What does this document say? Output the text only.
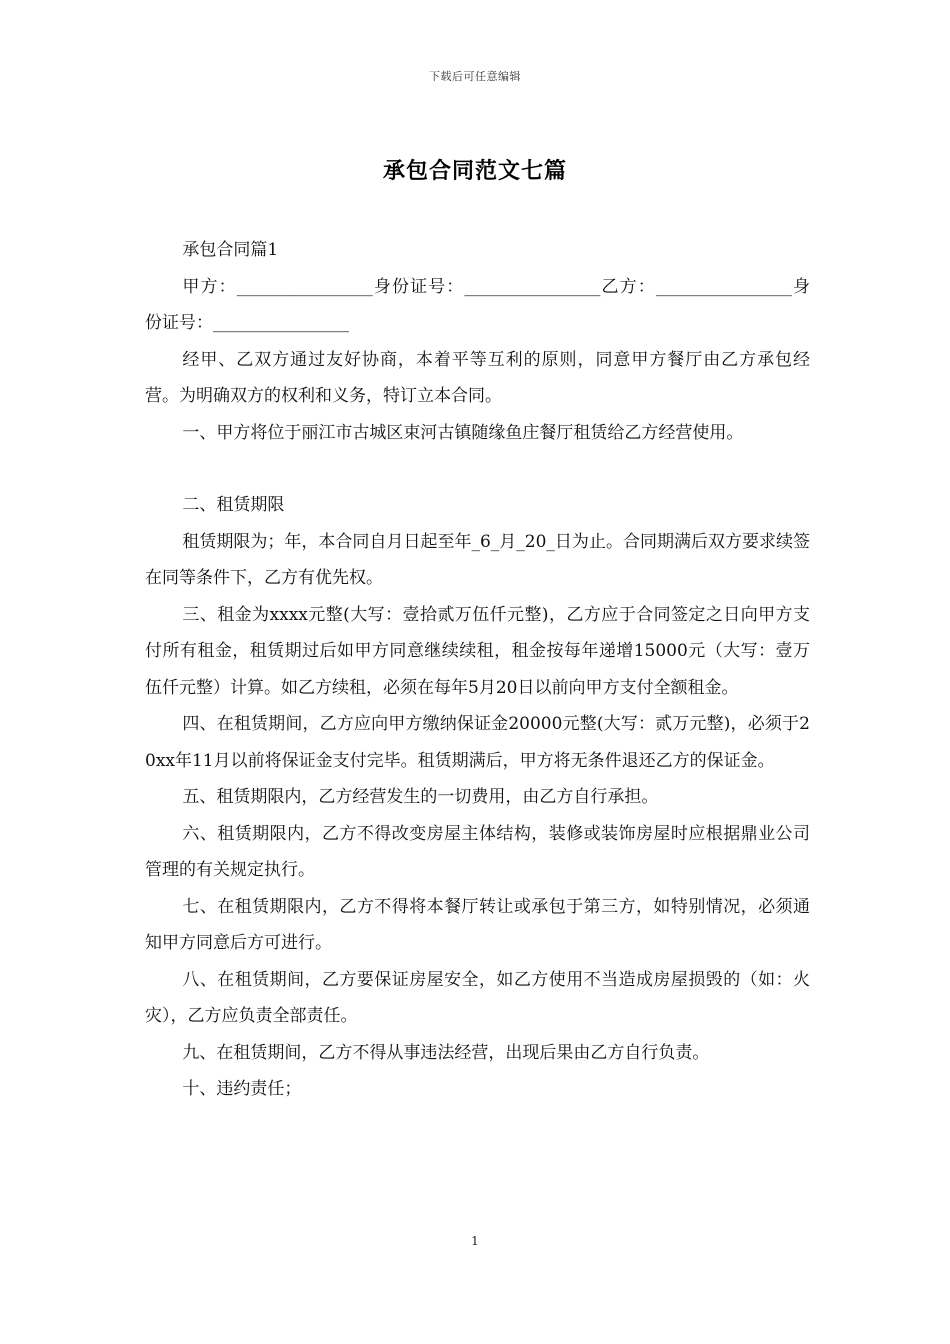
下载后可任意编辑
承包合同范文七篇

承包合同篇1

甲方：________________身份证号：________________乙方：________________身份证号：________________

经甲、乙双方通过友好协商，本着平等互利的原则，同意甲方餐厅由乙方承包经营。为明确双方的权利和义务，特订立本合同。

一、甲方将位于丽江市古城区束河古镇随缘鱼庄餐厅租赁给乙方经营使用。

二、租赁期限

租赁期限为；年，本合同自月日起至年_6_月_20_日为止。合同期满后双方要求续签在同等条件下，乙方有优先权。

三、租金为xxxx元整(大写：壹拾贰万伍仟元整)，乙方应于合同签定之日向甲方支付所有租金，租赁期过后如甲方同意继续续租，租金按每年递增15000元（大写：壹万伍仟元整）计算。如乙方续租，必须在每年5月20日以前向甲方支付全额租金。

四、在租赁期间，乙方应向甲方缴纳保证金20000元整(大写：贰万元整)，必须于20xx年11月以前将保证金支付完毕。租赁期满后，甲方将无条件退还乙方的保证金。

五、租赁期限内，乙方经营发生的一切费用，由乙方自行承担。

六、租赁期限内，乙方不得改变房屋主体结构，装修或装饰房屋时应根据鼎业公司管理的有关规定执行。

七、在租赁期限内，乙方不得将本餐厅转让或承包于第三方，如特别情况，必须通知甲方同意后方可进行。

八、在租赁期间，乙方要保证房屋安全，如乙方使用不当造成房屋损毁的（如：火灾），乙方应负责全部责任。

九、在租赁期间，乙方不得从事违法经营，出现后果由乙方自行负责。

十、违约责任；

1
